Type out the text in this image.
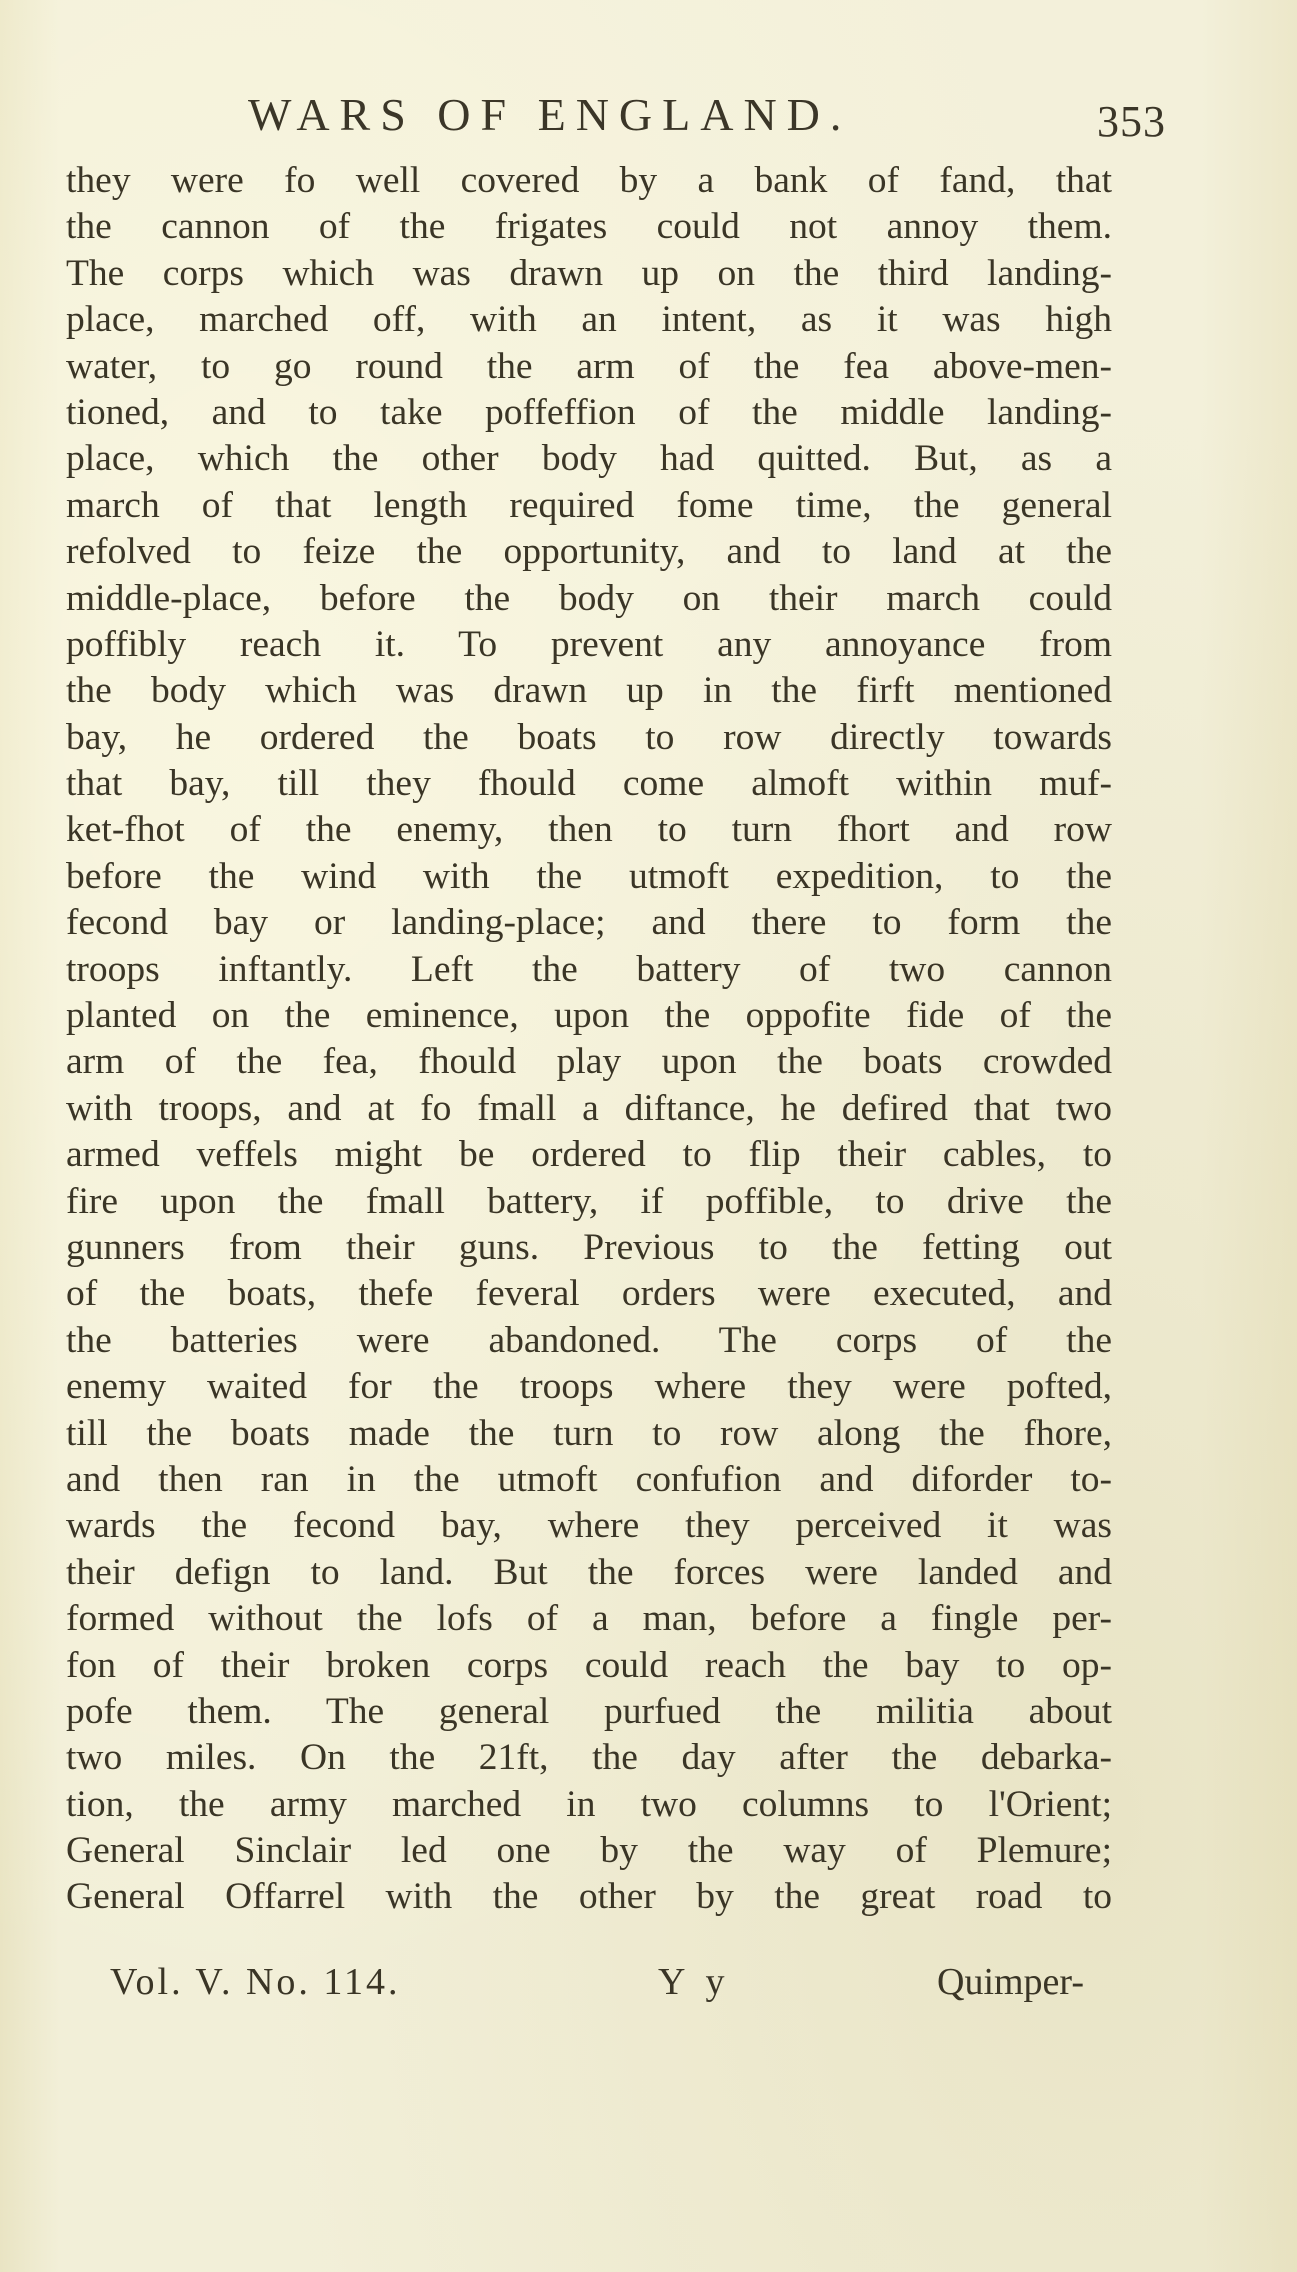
WARS OF ENGLAND.	353
they were fo well covered by a bank of fand, that
the cannon of the frigates could not annoy them.
The corps which was drawn up on the third landing-
place, marched off, with an intent, as it was high
water, to go round the arm of the fea above-men-
tioned, and to take poffeffion of the middle landing-
place, which the other body had quitted. But, as a
march of that length required fome time, the general
refolved to feize the opportunity, and to land at the
middle-place, before the body on their march could
poffibly reach it. To prevent any annoyance from
the body which was drawn up in the firft mentioned
bay, he ordered the boats to row directly towards
that bay, till they fhould come almoft within muf-
ket-fhot of the enemy, then to turn fhort and row
before the wind with the utmoft expedition, to the
fecond bay or landing-place; and there to form the
troops inftantly. Left the battery of two cannon
planted on the eminence, upon the oppofite fide of the
arm of the fea, fhould play upon the boats crowded
with troops, and at fo fmall a diftance, he defired that two
armed veffels might be ordered to flip their cables, to
fire upon the fmall battery, if poffible, to drive the
gunners from their guns. Previous to the fetting out
of the boats, thefe feveral orders were executed, and
the batteries were abandoned. The corps of the
enemy waited for the troops where they were pofted,
till the boats made the turn to row along the fhore,
and then ran in the utmoft confufion and diforder to-
wards the fecond bay, where they perceived it was
their defign to land. But the forces were landed and
formed without the lofs of a man, before a fingle per-
fon of their broken corps could reach the bay to op-
pofe them. The general purfued the militia about
two miles. On the 21ft, the day after the debarka-
tion, the army marched in two columns to l'Orient;
General Sinclair led one by the way of Plemure;
General Offarrel with the other by the great road to
Vol. V. No. 114.	Y y	Quimper-
